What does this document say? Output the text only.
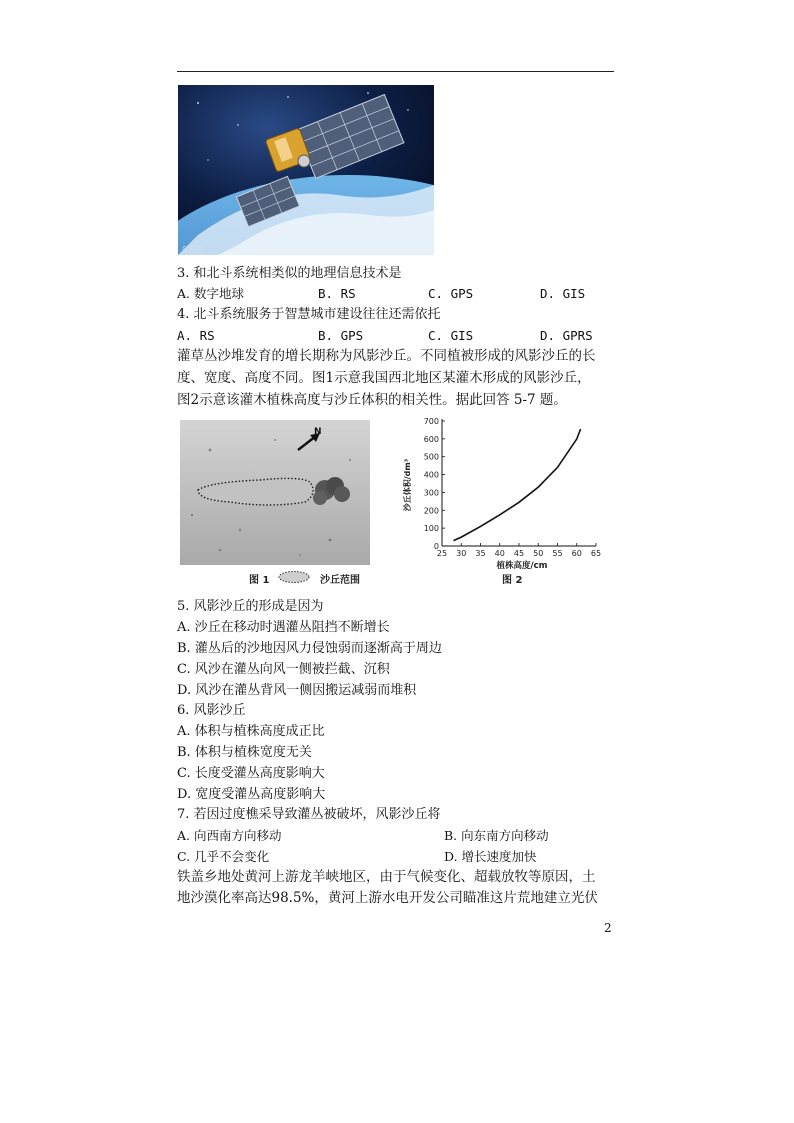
© 东方IC
3. 和北斗系统相类似的地理信息技术是
A. 数字地球	B. RS	C. GPS	D. GIS
4. 北斗系统服务于智慧城市建设往往还需依托
A. RS	B. GPS	C. GIS	D. GPRS
灌草丛沙堆发育的增长期称为风影沙丘。不同植被形成的风影沙丘的长
度、宽度、高度不同。图1示意我国西北地区某灌木形成的风影沙丘，
图2示意该灌木植株高度与沙丘体积的相关性。据此回答 5-7 题。
N
图 1	沙丘范围
沙丘体积/dm³
植株高度/cm
0
100
200
300
400
500
600
700
25 30 35 40 45 50 55 60 65
图 2
5. 风影沙丘的形成是因为
A. 沙丘在移动时遇灌丛阻挡不断增长
B. 灌丛后的沙地因风力侵蚀弱而逐渐高于周边
C. 风沙在灌丛向风一侧被拦截、沉积
D. 风沙在灌丛背风一侧因搬运减弱而堆积
6. 风影沙丘
A. 体积与植株高度成正比
B. 体积与植株宽度无关
C. 长度受灌丛高度影响大
D. 宽度受灌丛高度影响大
7. 若因过度樵采导致灌丛被破坏，风影沙丘将
A. 向西南方向移动	B. 向东南方向移动
C. 几乎不会变化	D. 增长速度加快
铁盖乡地处黄河上游龙羊峡地区，由于气候变化、超载放牧等原因，土
地沙漠化率高达98.5%，黄河上游水电开发公司瞄准这片荒地建立光伏
2
